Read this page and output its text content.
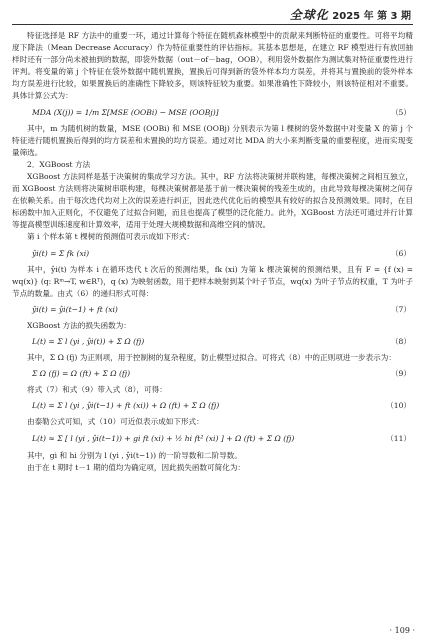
全球化 2025 年 第 3 期

特征选择是 RF 方法中的重要一环，通过计算每个特征在随机森林模型中的贡献来判断特征的重要性。可将平均精度下降法（Mean Decrease Accuracy）作为特征重要性的评估指标。其基本思想是，在建立 RF 模型进行有放回抽样时还有一部分尚未被抽到的数据，即袋外数据（out－of－bag，OOB），利用袋外数据作为测试集对特征重要性进行评判。将变量的第 j 个特征在袋外数据中随机置换，置换后可得到新的袋外样本均方误差，并将其与置换前的袋外样本均方误差进行比较，如果置换后的准确性下降较多，则该特征较为重要。如果准确性下降较小，则该特征相对不重要。具体计算公式为：

MDA (X(j)) = 1/m Σ[MSE (OOBi) − MSE (OOBj)]	（5）

其中，m 为随机树的数量，MSE (OOBi) 和 MSE (OOBj) 分别表示为第 l 棵树的袋外数据中对变量 X 的第 j 个特征进行随机置换后得到的均方误差和未置换的均方误差。通过对比 MDA 的大小来判断变量的重要程度，进而实现变量筛选。

2．XGBoost 方法

XGBoost 方法同样是基于决策树的集成学习方法。其中，RF 方法将决策树并联构建，每棵决策树之间相互独立，而 XGBoost 方法则将决策树串联构建，每棵决策树都是基于前一棵决策树的残差生成的，由此导致每棵决策树之间存在依赖关系。由于每次迭代均对上次的误差进行纠正，因此迭代优化后的模型具有较好的拟合及预测效果。同时，在目标函数中加入正则化，不仅避免了过拟合问题，而且也提高了模型的泛化能力。此外，XGBoost 方法还可通过并行计算等提高模型训练速度和计算效率，适用于处理大规模数据和高维空间的情况。

第 i 个样本第 t 棵树的预测值可表示成如下形式：

ŷi(t) = Σ fk (xi)	（6）

其中，ŷi(t) 为样本 i 在循环迭代 t 次后的预测结果，fk (xi) 为第 k 棵决策树的预测结果，且有 F = {f (x) = wq(x)} (q: Rᵐ→T, w∈Rᵀ)，q (x) 为映射函数，用于把样本映射到某个叶子节点，wq(x) 为叶子节点的权重，T 为叶子节点的数量。由式（6）的递归形式可得：

ŷi(t) = ŷi(t−1) + ft (xi)	（7）

XGBoost 方法的损失函数为：

L(t) = Σ l (yi , ŷi(t)) + Σ Ω (fj)	（8）

其中，Σ Ω (fj) 为正则项，用于控制树的复杂程度，防止模型过拟合。可将式（8）中的正则项进一步表示为：

Σ Ω (fj) = Ω (ft) + Σ Ω (fj)	（9）

将式（7）和式（9）带入式（8），可得：

L(t) = Σ l (yi , ŷi(t−1) + ft (xi)) + Ω (ft) + Σ Ω (fj)	（10）

由泰勒公式可知，式（10）可近似表示成如下形式：

L(t) ≈ Σ [ l (yi , ŷi(t−1)) + gi ft (xi) + ½ hi ft² (xi) ] + Ω (ft) + Σ Ω (fj)	（11）

其中，gi 和 hi 分别为 l (yi , ŷi(t−1)) 的一阶导数和二阶导数。

由于在 t 期时 t－1 期的值均为确定项，因此损失函数可简化为：

· 109 ·
